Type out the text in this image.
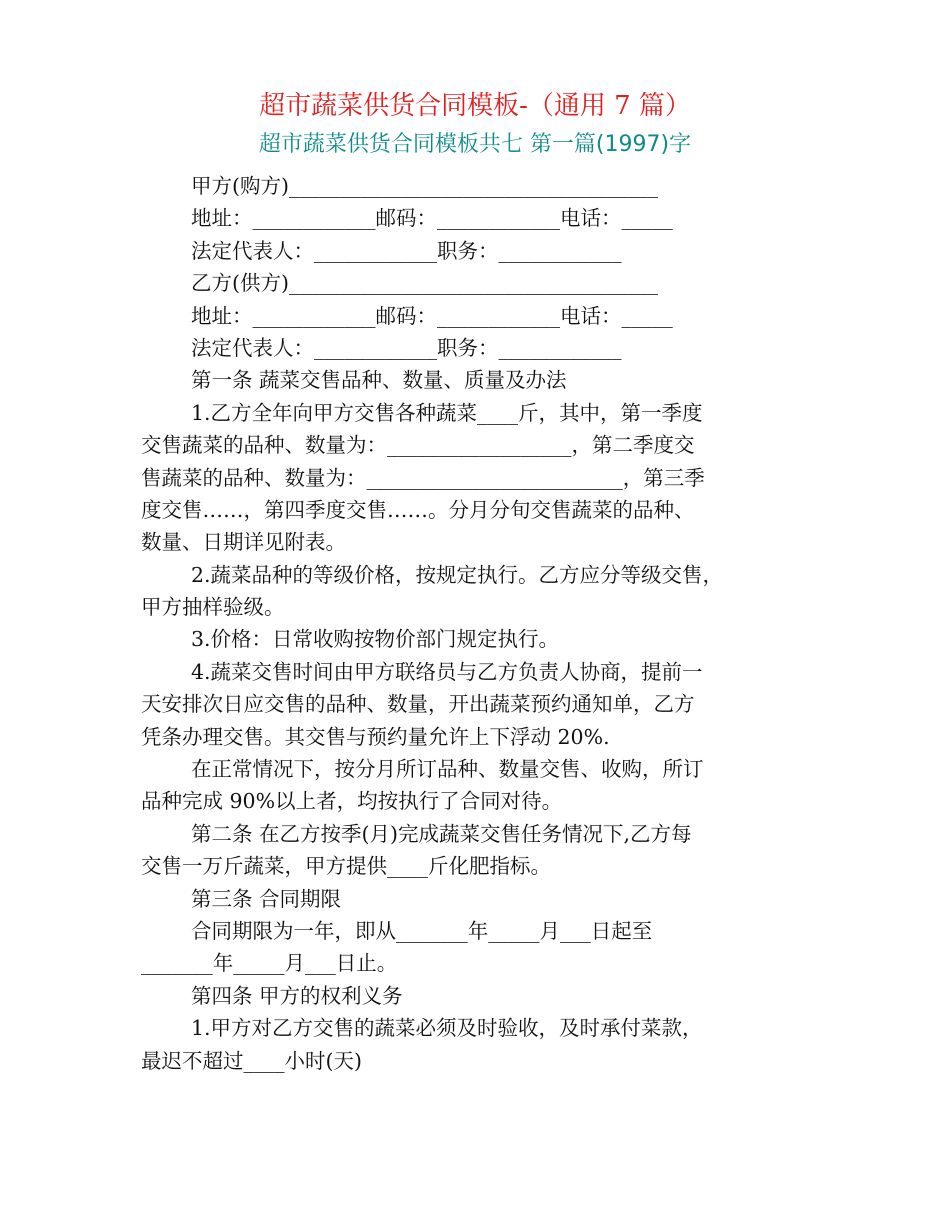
超市蔬菜供货合同模板-（通用 7 篇）
超市蔬菜供货合同模板共七 第一篇(1997)字
甲方(购方)____________________________________
地址：____________邮码：____________电话：_____
法定代表人：____________职务：____________
乙方(供方)____________________________________
地址：____________邮码：____________电话：_____
法定代表人：____________职务：____________
第一条 蔬菜交售品种、数量、质量及办法
1.乙方全年向甲方交售各种蔬菜____斤，其中，第一季度
交售蔬菜的品种、数量为：__________________，第二季度交
售蔬菜的品种、数量为：_________________________，第三季
度交售……，第四季度交售……。分月分旬交售蔬菜的品种、
数量、日期详见附表。
2.蔬菜品种的等级价格，按规定执行。乙方应分等级交售，
甲方抽样验级。
3.价格：日常收购按物价部门规定执行。
4.蔬菜交售时间由甲方联络员与乙方负责人协商，提前一
天安排次日应交售的品种、数量，开出蔬菜预约通知单，乙方
凭条办理交售。其交售与预约量允许上下浮动 20%.
在正常情况下，按分月所订品种、数量交售、收购，所订
品种完成 90%以上者，均按执行了合同对待。
第二条 在乙方按季(月)完成蔬菜交售任务情况下,乙方每
交售一万斤蔬菜，甲方提供____斤化肥指标。
第三条 合同期限
合同期限为一年，即从_______年_____月___日起至
_______年_____月___日止。
第四条 甲方的权利义务
1.甲方对乙方交售的蔬菜必须及时验收，及时承付菜款，
最迟不超过____小时(天)
